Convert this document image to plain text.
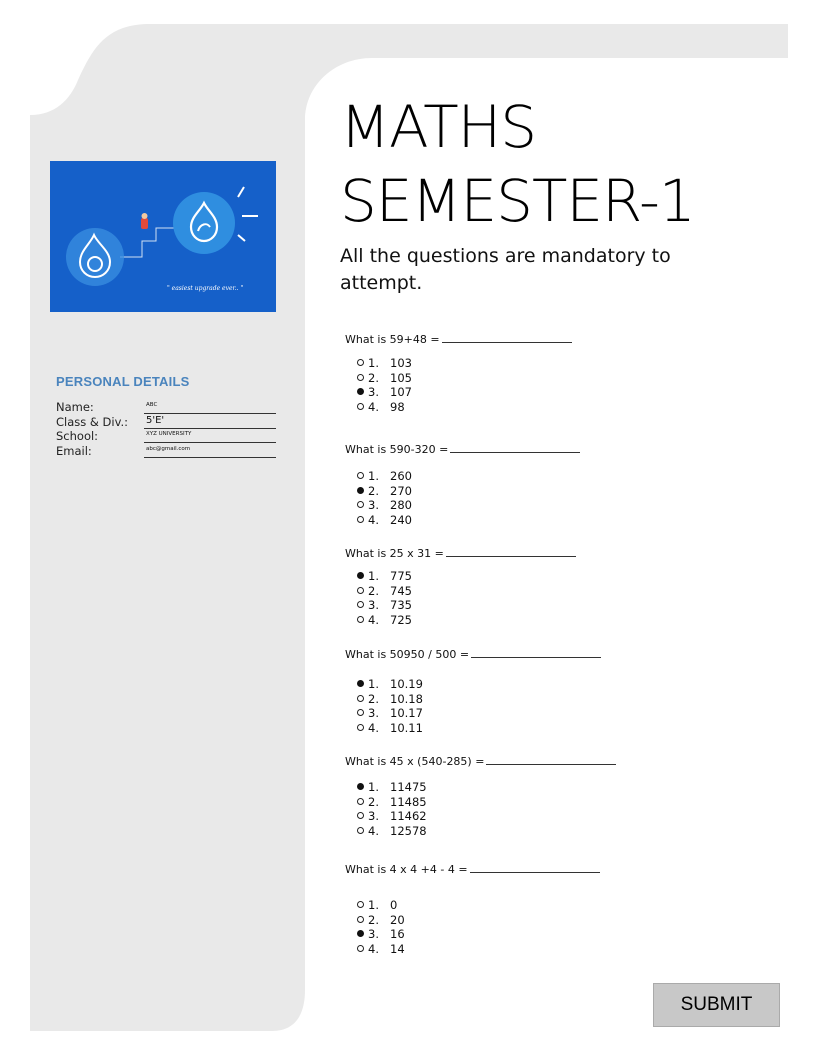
" easiest upgrade ever.. "
PERSONAL DETAILS
Name:	ABC
Class & Div.: 5'E'
School:	XYZ UNIVERSITY
Email:	abc@gmail.com
MATHS
SEMESTER-1
All the questions are mandatory to attempt.
What is 59+48 =
1. 103
2. 105
3. 107
4. 98
What is 590-320 =
1. 260
2. 270
3. 280
4. 240
What is 25 x 31 =
1. 775
2. 745
3. 735
4. 725
What is 50950 / 500 =
1. 10.19
2. 10.18
3. 10.17
4. 10.11
What is 45 x (540-285) =
1. 11475
2. 11485
3. 11462
4. 12578
What is 4 x 4 +4 - 4 =
1. 0
2. 20
3. 16
4. 14
SUBMIT
